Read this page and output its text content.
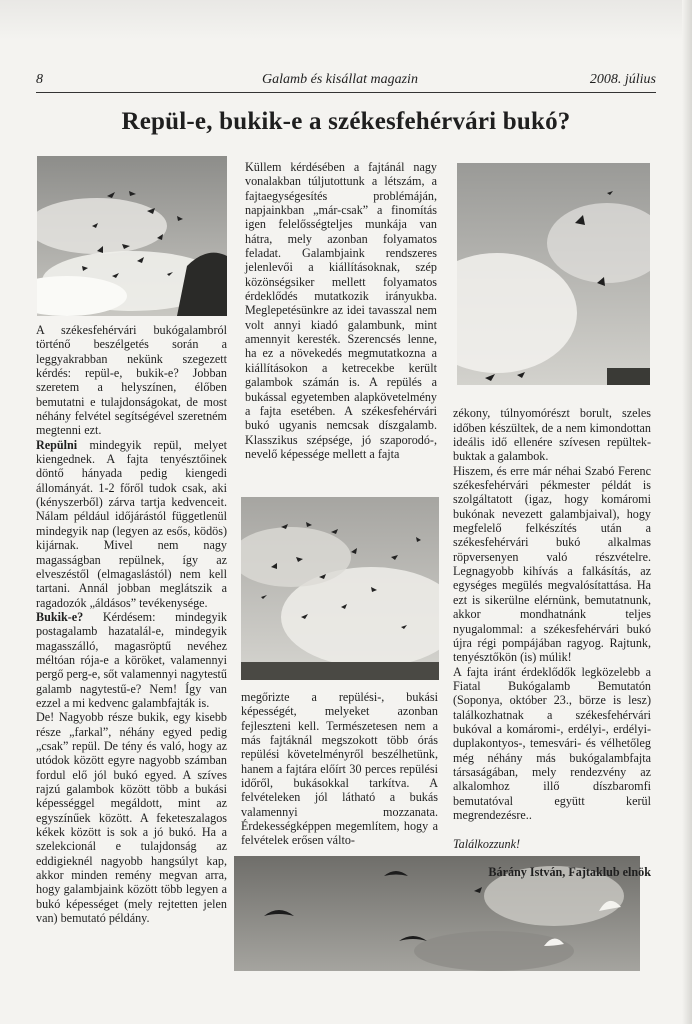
8	Galamb és kisállat magazin	2008. július
Repül-e, bukik-e a székesfehérvári bukó?

A székesfehérvári bukógalambról történő beszélgetés során a leggyakrabban nekünk szegezett kérdés: repül-e, bukik-e? Jobban szeretem a helyszínen, élőben bemutatni e tulajdonságokat, de most néhány felvétel segítségével szeretném megtenni ezt.

Repülni mindegyik repül, melyet kiengednek. A fajta tenyésztőinek döntő hányada pedig kiengedi állományát. 1-2 főről tudok csak, aki (kényszerből) zárva tartja kedvenceit. Nálam például időjárástól függetlenül mindegyik nap (legyen az esős, ködös) kijárnak. Mivel nem nagy magasságban repülnek, így az elveszéstől (elmagaslástól) nem kell tartani. Annál jobban meglátszik a ragadozók „áldásos” tevékenysége.

Bukik-e? Kérdésem: mindegyik postagalamb hazatalál-e, mindegyik magasszálló, magasröptű nevéhez méltóan rója-e a köröket, valamennyi pergő perg-e, sőt valamennyi nagytestű galamb nagytestű-e? Nem! Így van ezzel a mi kedvenc galambfajták is.

De! Nagyobb része bukik, egy kisebb része „farkal”, néhány egyed pedig „csak” repül. De tény és való, hogy az utódok között egyre nagyobb számban fordul elő jól bukó egyed. A szíves rajzú galambok között több a bukási képességgel megáldott, mint az egyszínűek között. A feketeszalagos kékek között is sok a jó bukó. Ha a szelekcionál e tulajdonság az eddigieknél nagyobb hangsúlyt kap, akkor minden remény megvan arra, hogy galambjaink között több legyen a bukó képességet (mely rejtetten jelen van) bemutató példány.

Küllem kérdésében a fajtánál nagy vonalakban túljutottunk a létszám, a fajtaegységesítés problémáján, napjainkban „már-csak” a finomítás igen felelősségteljes munkája van hátra, mely azonban folyamatos feladat. Galambjaink rendszeres jelenlevői a kiállításoknak, szép közönségsiker mellett folyamatos érdeklődés mutatkozik irányukba. Meglepetésünkre az idei tavasszal nem volt annyi kiadó galambunk, mint amennyit keresték. Szerencsés lenne, ha ez a növekedés megmutatkozna a kiállításokon a ketrecekbe került galambok számán is. A repülés a bukással egyetemben alapkövetelmény a fajta esetében. A székesfehérvári bukó ugyanis nemcsak díszgalamb. Klasszikus szépsége, jó szaporodó-, nevelő képessége mellett a fajta

megőrizte a repülési-, bukási képességét, melyeket azonban fejleszteni kell. Természetesen nem a más fajtáknál megszokott több órás repülési követelményről beszélhetünk, hanem a fajtára előírt 30 perces repülési időről, bukásokkal tarkítva. A felvételeken jól látható a bukás valamennyi mozzanata. Érdekességképpen megemlítem, hogy a felvételek erősen válto-

zékony, túlnyomórészt borult, szeles időben készültek, de a nem kimondottan ideális idő ellenére szívesen repültek-buktak a galambok.
Hiszem, és erre már néhai Szabó Ferenc székesfehérvári pékmester példát is szolgáltatott (igaz, hogy komáromi bukónak nevezett galambjaival), hogy megfelelő felkészítés után a székesfehérvári bukó alkalmas röpversenyen való részvételre. Legnagyobb kihívás a falkásítás, az egységes megülés megvalósítattása. Ha ezt is sikerülne elérnünk, bemutatnunk, akkor mondhatnánk teljes nyugalommal: a székesfehérvári bukó újra régi pompájában ragyog. Rajtunk, tenyésztőkön (is) múlik!
A fajta iránt érdeklődők legközelebb a Fiatal Bukógalamb Bemutatón (Soponya, október 23., börze is lesz) találkozhatnak a székesfehérvári bukóval a komáromi-, erdélyi-, erdélyi-duplakontyos-, temesvári- és vélhetőleg még néhány más bukógalambfajta társaságában, mely rendezvény az alkalomhoz illő díszbaromfi bemutatóval együtt kerül megrendezésre..

Találkozzunk!

Bárány István, Fajtaklub elnök
